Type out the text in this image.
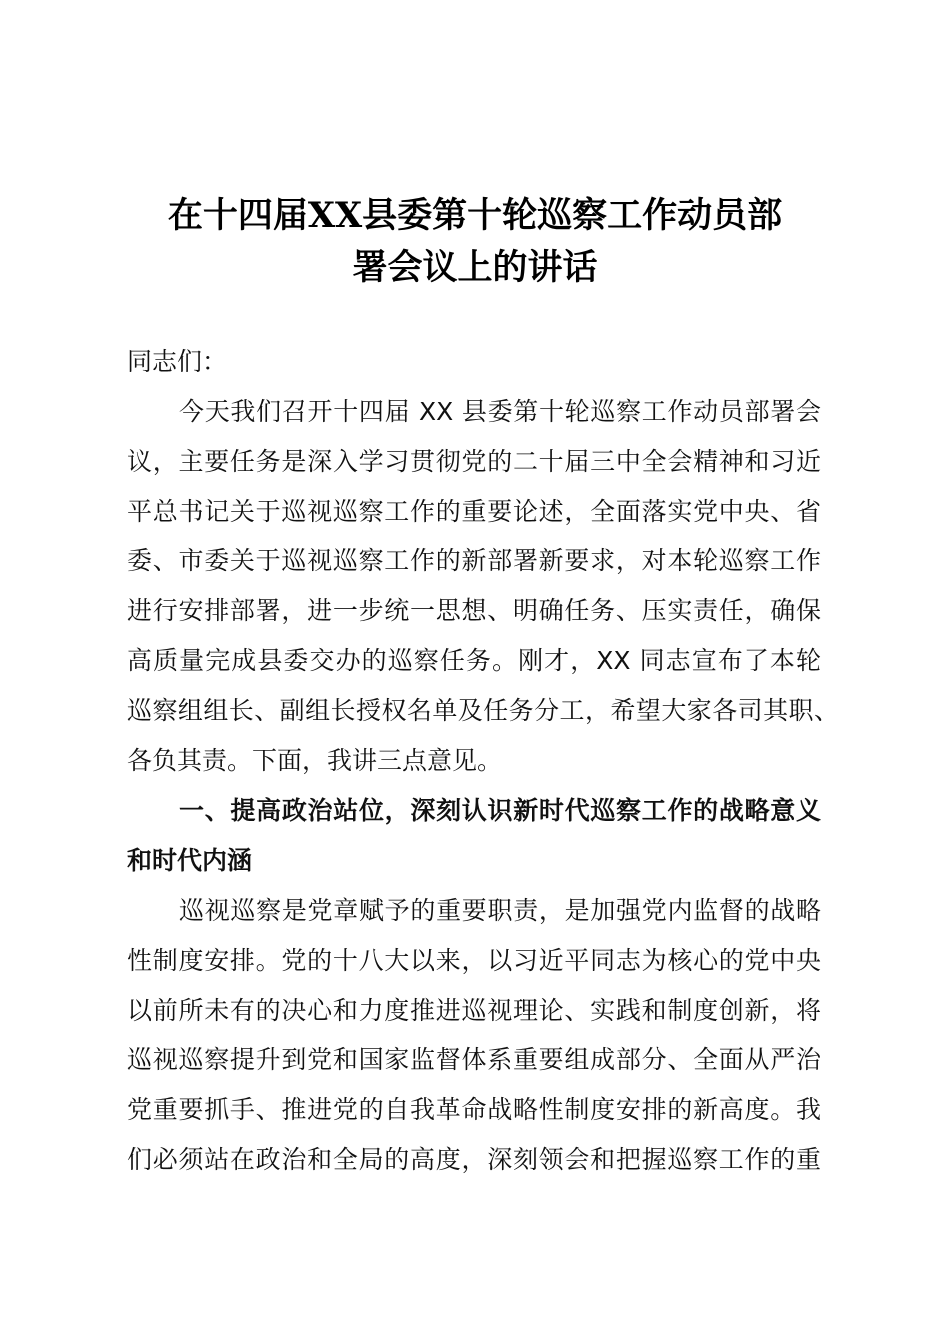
在十四届XX县委第十轮巡察工作动员部
署会议上的讲话
同志们：
今天我们召开十四届 XX 县委第十轮巡察工作动员部署会
议，主要任务是深入学习贯彻党的二十届三中全会精神和习近
平总书记关于巡视巡察工作的重要论述，全面落实党中央、省
委、市委关于巡视巡察工作的新部署新要求，对本轮巡察工作
进行安排部署，进一步统一思想、明确任务、压实责任，确保
高质量完成县委交办的巡察任务。刚才，XX 同志宣布了本轮
巡察组组长、副组长授权名单及任务分工，希望大家各司其职、
各负其责。下面，我讲三点意见。
一、提高政治站位，深刻认识新时代巡察工作的战略意义
和时代内涵
巡视巡察是党章赋予的重要职责，是加强党内监督的战略
性制度安排。党的十八大以来，以习近平同志为核心的党中央
以前所未有的决心和力度推进巡视理论、实践和制度创新，将
巡视巡察提升到党和国家监督体系重要组成部分、全面从严治
党重要抓手、推进党的自我革命战略性制度安排的新高度。我
们必须站在政治和全局的高度，深刻领会和把握巡察工作的重
